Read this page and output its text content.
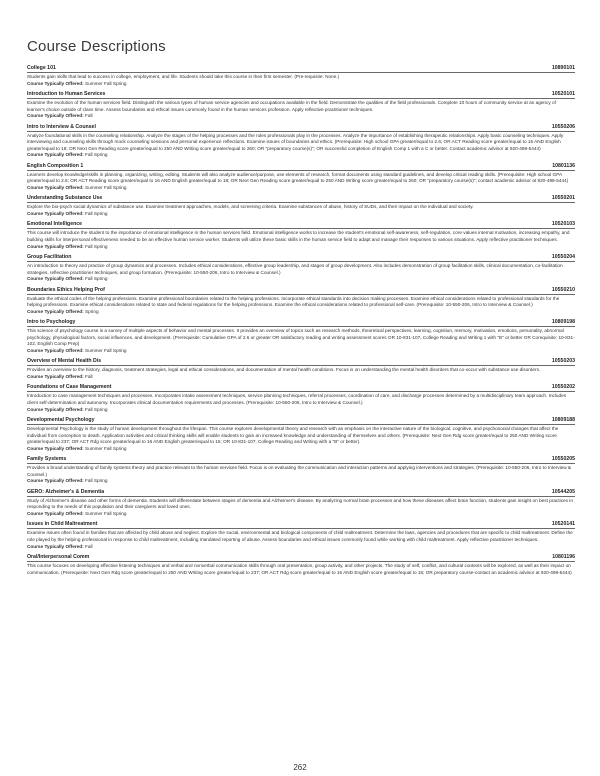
Course Descriptions
College 101	10890101
Students gain skills that lead to success in college, employment, and life. Students should take this course in their first semester. (Pre-requisite: None.)
Course Typically Offered: Summer Fall Spring
Introduction to Human Services	10520101
Examine the evolution of the human services field. Distinguish the various types of human service agencies and occupations available in the field. Demonstrate the qualities of the field professionals. Complete 10 hours of community service at an agency of learner's choice outside of class time. Assess boundaries and ethical issues commonly found in the human services profession. Apply reflective practitioner techniques.
Course Typically Offered: Fall
Intro to Interview & Counsel	10550206
Analyze foundational skills in the counseling relationship. Analyze the stages of the helping processes and the roles professionals play in the processes. Analyze the importance of establishing therapeutic relationships. Apply basic counseling techniques. Apply interviewing and counseling skills through mock counseling sessions and personal experience reflections. Examine issues of boundaries and ethics. (Prerequisite: High school GPA greater/equal to 2.6; OR ACT Reading score greater/equal to 16 AND English greater/equal to 18; OR Next Gen Reading score greater/equal to 250 AND Writing score greater/equal to 260; OR "preparatory course(s)"; OR successful completion of English Comp 1 with a C or better. Contact academic advisor at 920-498-5444)
Course Typically Offered: Fall Spring
English Composition 1	10801136
Learners develop knowledge/skills in planning, organizing, writing, editing. Students will also analyze audience/purpose, use elements of research, format documents using standard guidelines, and develop critical reading skills. (Prerequisite: High school GPA greater/equal to 2.6; OR ACT Reading score greater/equal to 16 AND English greater/equal to 18; OR Next Gen Reading score greater/equal to 250 AND Writing score greater/equal to 260; OR "preparatory course(s)"; contact academic advisor at 920-498-5444)
Course Typically Offered: Summer Fall Spring
Understanding Substance Use	10550201
Explore the bio-psych social dynamics of substance use. Examine treatment approaches, models, and screening criteria. Examine substances of abuse, history of SUDs, and their impact on the individual and society.
Course Typically Offered: Fall Spring
Emotional Intelligence	10520103
This course will introduce the student to the importance of emotional intelligence in the human services field. Emotional intelligence works to increase the student's emotional self-awareness, self-regulation, core values internal motivation, increasing empathy, and building skills for interpersonal effectiveness needed to be an effective human service worker. Students will utilize these basic skills in the human service field to adapt and manage their responses to various situations. Apply reflective practitioner techniques.
Course Typically Offered: Fall Spring
Group Facilitation	10550204
An introduction to theory and practice of group dynamics and processes. Includes ethical considerations, effective group leadership, and stages of group development. Also includes demonstration of group facilitation skills, clinical documentation, co-facilitation strategies, reflective practitioner techniques, and group formation. (Prerequisite: 10-550-206, Intro to Interview & Counsel.)
Course Typically Offered: Fall Spring
Boundaries Ethics Helping Prof	10550210
Evaluate the ethical codes of the helping professions. Examine professional boundaries related to the helping professions. Incorporate ethical standards into decision making processes. Examine ethical considerations related to professional standards for the helping professions. Examine ethical considerations related to state and federal regulations for the helping professions. Examine the ethical considerations related to professional self-care. (Prerequisite: 10-550-206, Intro to Interview & Counsel.)
Course Typically Offered: Spring
Intro to Psychology	10809198
This science of psychology course is a survey of multiple aspects of behavior and mental processes. It provides an overview of topics such as research methods, theoretical perspectives, learning, cognition, memory, motivation, emotions, personality, abnormal psychology, physiological factors, social influences, and development. (Prerequisite: Cumulative GPA of 2.6 or greater OR satisfactory reading and writing assessment scores OR 10-831-107, College Reading and Writing 1 with "B" or better OR Corequisite: 10-831-102, English Comp Prep)
Course Typically Offered: Summer Fall Spring
Overview of Mental Health Dis	10550203
Provides an overview to the history, diagnosis, treatment strategies, legal and ethical considerations, and documentation of mental health conditions. Focus is on understanding the mental health disorders that co-occur with substance use disorders.
Course Typically Offered: Fall
Foundations of Case Management	10550202
Introduction to case management techniques and processes. Incorporates intake assessment techniques, service planning techniques, referral processes, coordination of care, and discharge processes determined by a multidisciplinary team approach. Includes client self-determination and autonomy. Incorporates clinical documentation requirements and processes. (Prerequisite: 10-550-206, Intro to Interview & Counsel.)
Course Typically Offered: Fall Spring
Developmental Psychology	10809188
Developmental Psychology is the study of human development throughout the lifespan. This course explores developmental theory and research with an emphasis on the interactive nature of the biological, cognitive, and psychosocial changes that affect the individual from conception to death. Application activities and critical thinking skills will enable students to gain an increased knowledge and understanding of themselves and others. (Prerequisite: Next Gen Rdg score greater/equal to 250 AND Writing score greater/equal to 237; OR ACT Rdg score greater/equal to 16 AND English greater/equal to 15; OR 10-831-107, College Reading and Writing with a "B" or better).
Course Typically Offered: Summer Fall Spring
Family Systems	10550205
Provides a broad understanding of family systems theory and practice relevant to the human services field. Focus is on evaluating the communication and interaction patterns and applying interventions and strategies. (Prerequisite: 10-550-206, Intro to Interview & Counsel.)
Course Typically Offered: Fall Spring
GERO: Alzheimer's & Dementia	10544205
Study of Alzheimer's disease and other forms of dementia. Students will differentiate between stages of dementia and Alzheimer's disease. By analyzing normal brain processes and how these diseases affect brain function, students gain insight on best practices in responding to the needs of this population and their caregivers and loved ones.
Course Typically Offered: Summer Fall Spring
Issues in Child Maltreatment	10520141
Examine issues often found in families that are affected by child abuse and neglect. Explore the social, environmental and biological components of child maltreatment. Determine the laws, agencies and procedures that are specific to child maltreatment. Define the role played by the helping professional in response to child maltreatment, including mandated reporting of abuse. Assess boundaries and ethical issues commonly found while working with child maltreatment. Apply reflective practitioner techniques.
Course Typically Offered: Fall
Oral/Interpersonal Comm	10801196
This course focuses on developing effective listening techniques and verbal and nonverbal communication skills through oral presentation, group activity, and other projects. The study of self, conflict, and cultural contexts will be explored, as well as their impact on communication. (Prerequisite: Next Gen Rdg score greater/equal to 250 AND Writing score greater/equal to 237; OR ACT Rdg score greater/equal to 16 AND English score greater/equal to 16; OR preparatory course-contact an academic advisor at 920-498-5444)
262
